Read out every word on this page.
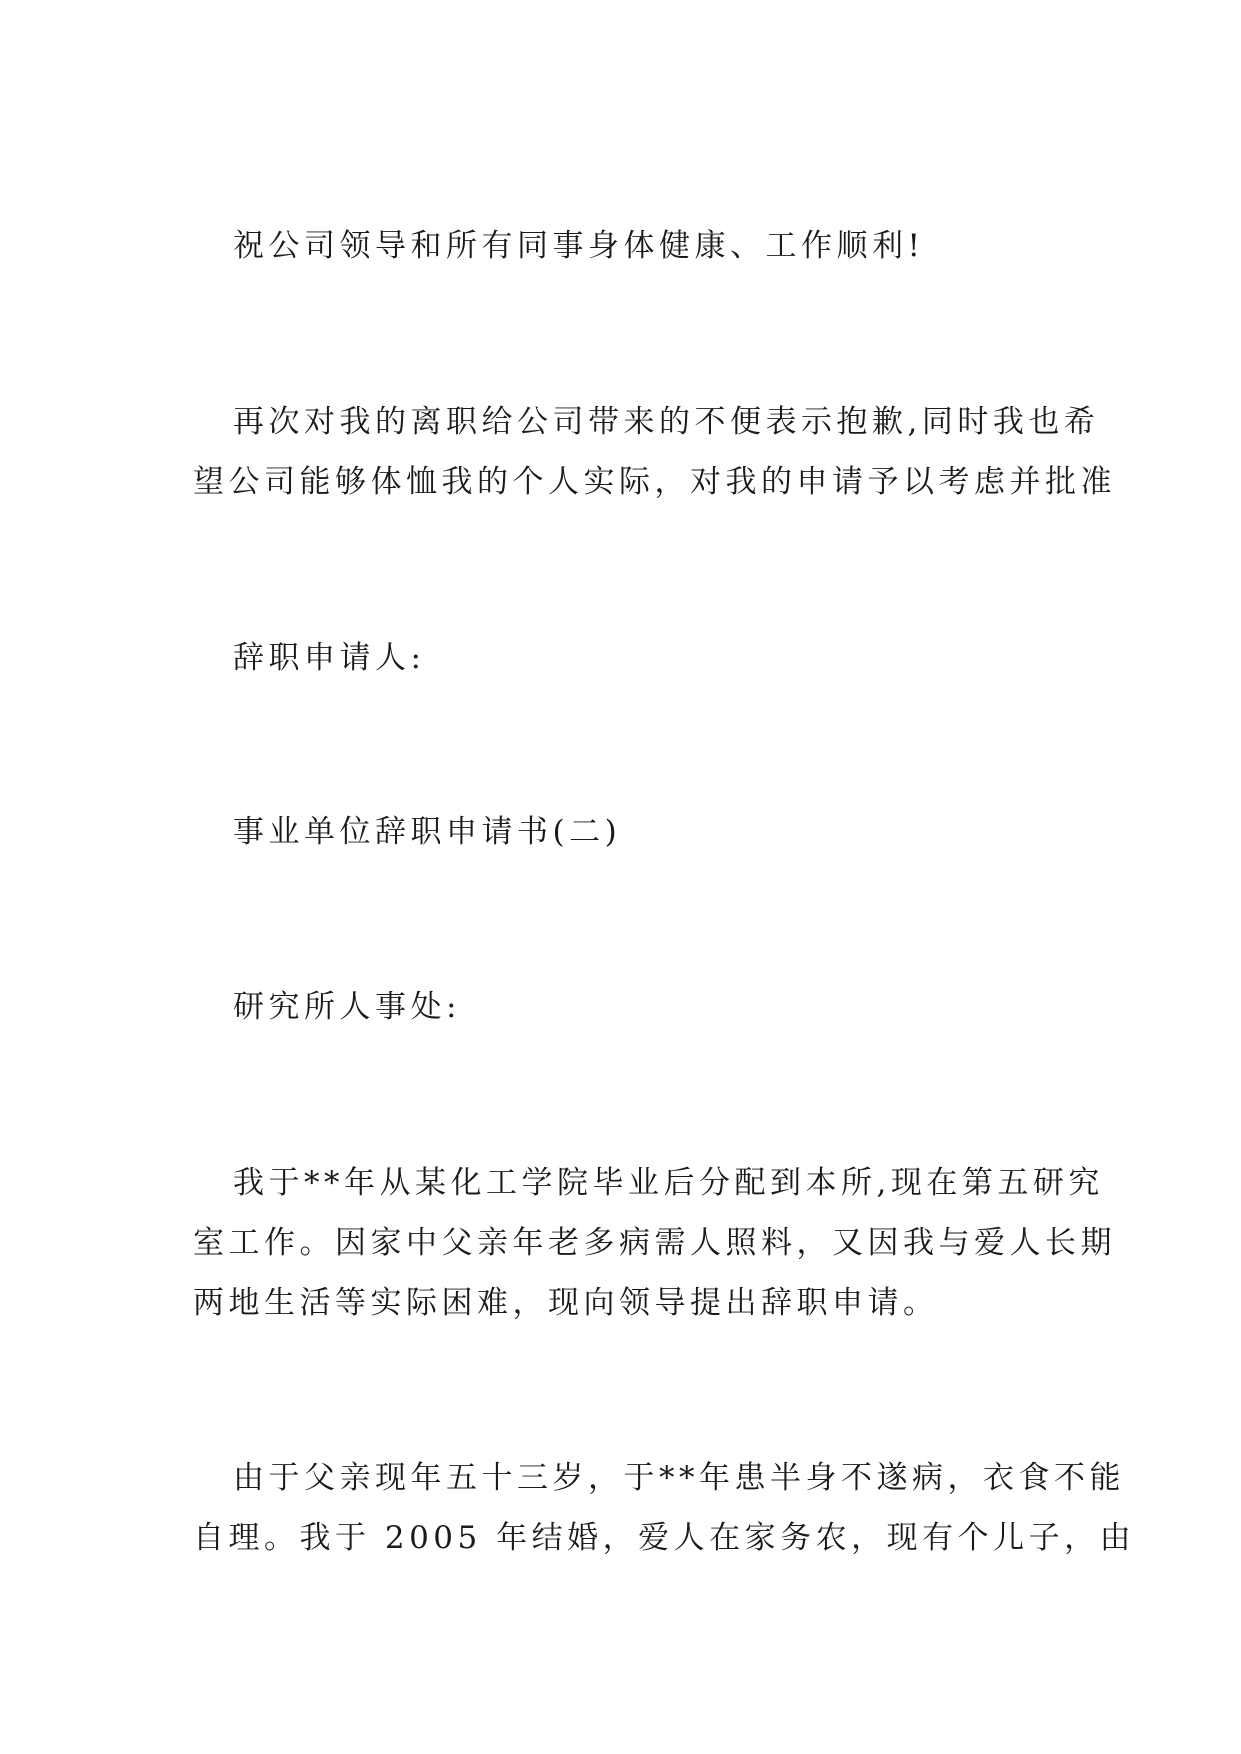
祝公司领导和所有同事身体健康、工作顺利!

再次对我的离职给公司带来的不便表示抱歉,同时我也希
望公司能够体恤我的个人实际，对我的申请予以考虑并批准

辞职申请人:

事业单位辞职申请书(二)

研究所人事处:

我于**年从某化工学院毕业后分配到本所,现在第五研究
室工作。因家中父亲年老多病需人照料，又因我与爱人长期
两地生活等实际困难，现向领导提出辞职申请。

由于父亲现年五十三岁，于**年患半身不遂病，衣食不能
自理。我于 2005 年结婚，爱人在家务农，现有个儿子，由
